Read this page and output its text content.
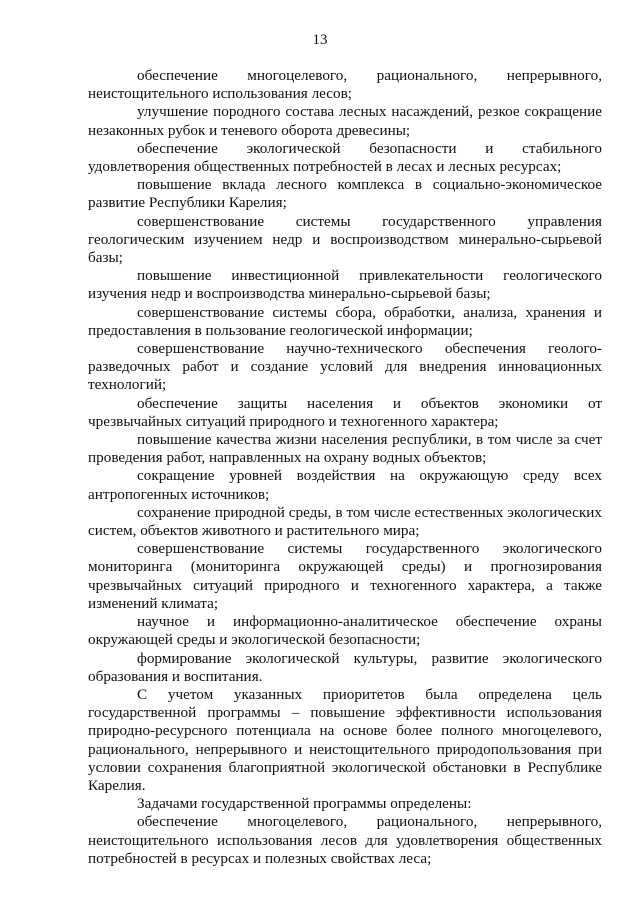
13

обеспечение многоцелевого, рационального, непрерывного, неистощительного использования лесов;

улучшение породного состава лесных насаждений, резкое сокращение незаконных рубок и теневого оборота древесины;

обеспечение экологической безопасности и стабильного удовлетворения общественных потребностей в лесах и лесных ресурсах;

повышение вклада лесного комплекса в социально-экономическое развитие Республики Карелия;

совершенствование системы государственного управления геологическим изучением недр и воспроизводством минерально-сырьевой базы;

повышение инвестиционной привлекательности геологического изучения недр и воспроизводства минерально-сырьевой базы;

совершенствование системы сбора, обработки, анализа, хранения и предоставления в пользование геологической информации;

совершенствование научно-технического обеспечения геолого-разведочных работ и создание условий для внедрения инновационных технологий;

обеспечение защиты населения и объектов экономики от чрезвычайных ситуаций природного и техногенного характера;

повышение качества жизни населения республики, в том числе за счет проведения работ, направленных на охрану водных объектов;

сокращение уровней воздействия на окружающую среду всех антропогенных источников;

сохранение природной среды, в том числе естественных экологических систем, объектов животного и растительного мира;

совершенствование системы государственного экологического мониторинга (мониторинга окружающей среды) и прогнозирования чрезвычайных ситуаций природного и техногенного характера, а также изменений климата;

научное и информационно-аналитическое обеспечение охраны окружающей среды и экологической безопасности;

формирование экологической культуры, развитие экологического образования и воспитания.

С учетом указанных приоритетов была определена цель государственной программы – повышение эффективности использования природно-ресурсного потенциала на основе более полного многоцелевого, рационального, непрерывного и неистощительного природопользования при условии сохранения благоприятной экологической обстановки в Республике Карелия.

Задачами государственной программы определены:

обеспечение многоцелевого, рационального, непрерывного, неистощительного использования лесов для удовлетворения общественных потребностей в ресурсах и полезных свойствах леса;
